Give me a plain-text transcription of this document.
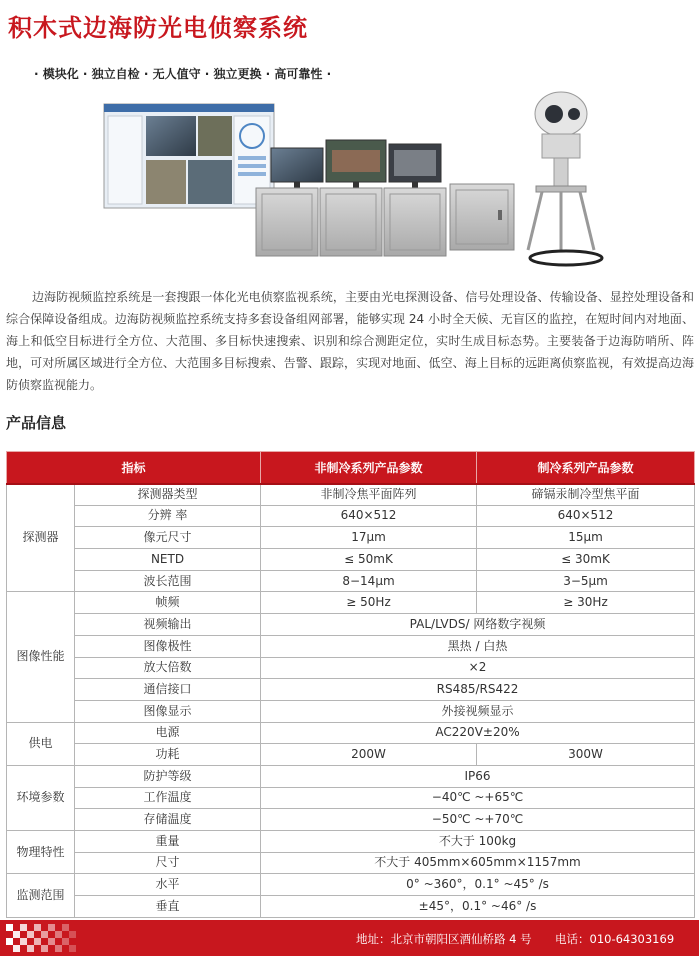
积木式边海防光电侦察系统
· 模块化 · 独立自检 · 无人值守 · 独立更换 · 高可靠性 ·

边海防视频监控系统是一套搜跟一体化光电侦察监视系统，主要由光电探测设备、信号处理设备、传输设备、显控处理设备和综合保障设备组成。边海防视频监控系统支持多套设备组网部署，能够实现 24 小时全天候、无盲区的监控，在短时间内对地面、海上和低空目标进行全方位、大范围、多目标快速搜索、识别和综合测距定位，实时生成目标态势。主要装备于边海防哨所、阵地，可对所属区域进行全方位、大范围多目标搜索、告警、跟踪，实现对地面、低空、海上目标的远距离侦察监视，有效提高边海防侦察监视能力。

产品信息
指标		非制冷系列产品参数	制冷系列产品参数
探测器	探测器类型	非制冷焦平面阵列	碲镉汞制冷型焦平面
	分辨 率	640×512	640×512
	像元尺寸	17μm	15μm
	NETD	≤ 50mK	≤ 30mK
	波长范围	8−14μm	3−5μm
图像性能	帧频	≥ 50Hz	≥ 30Hz
	视频输出	PAL/LVDS/ 网络数字视频	
	图像极性	黑热 / 白热	
	放大倍数	×2	
	通信接口	RS485/RS422	
	图像显示	外接视频显示	
供电	电源	AC220V±20%	
	功耗	200W	300W
环境参数	防护等级	IP66	
	工作温度	−40℃ ~+65℃	
	存储温度	−50℃ ~+70℃	
物理特性	重量	不大于 100kg	
	尺寸	不大于 405mm×605mm×1157mm	
监测范围	水平	0° ~360°，0.1° ~45° /s	
	垂直	±45°，0.1° ~46° /s	
地址：北京市朝阳区酒仙桥路 4 号 电话：010-64303169
